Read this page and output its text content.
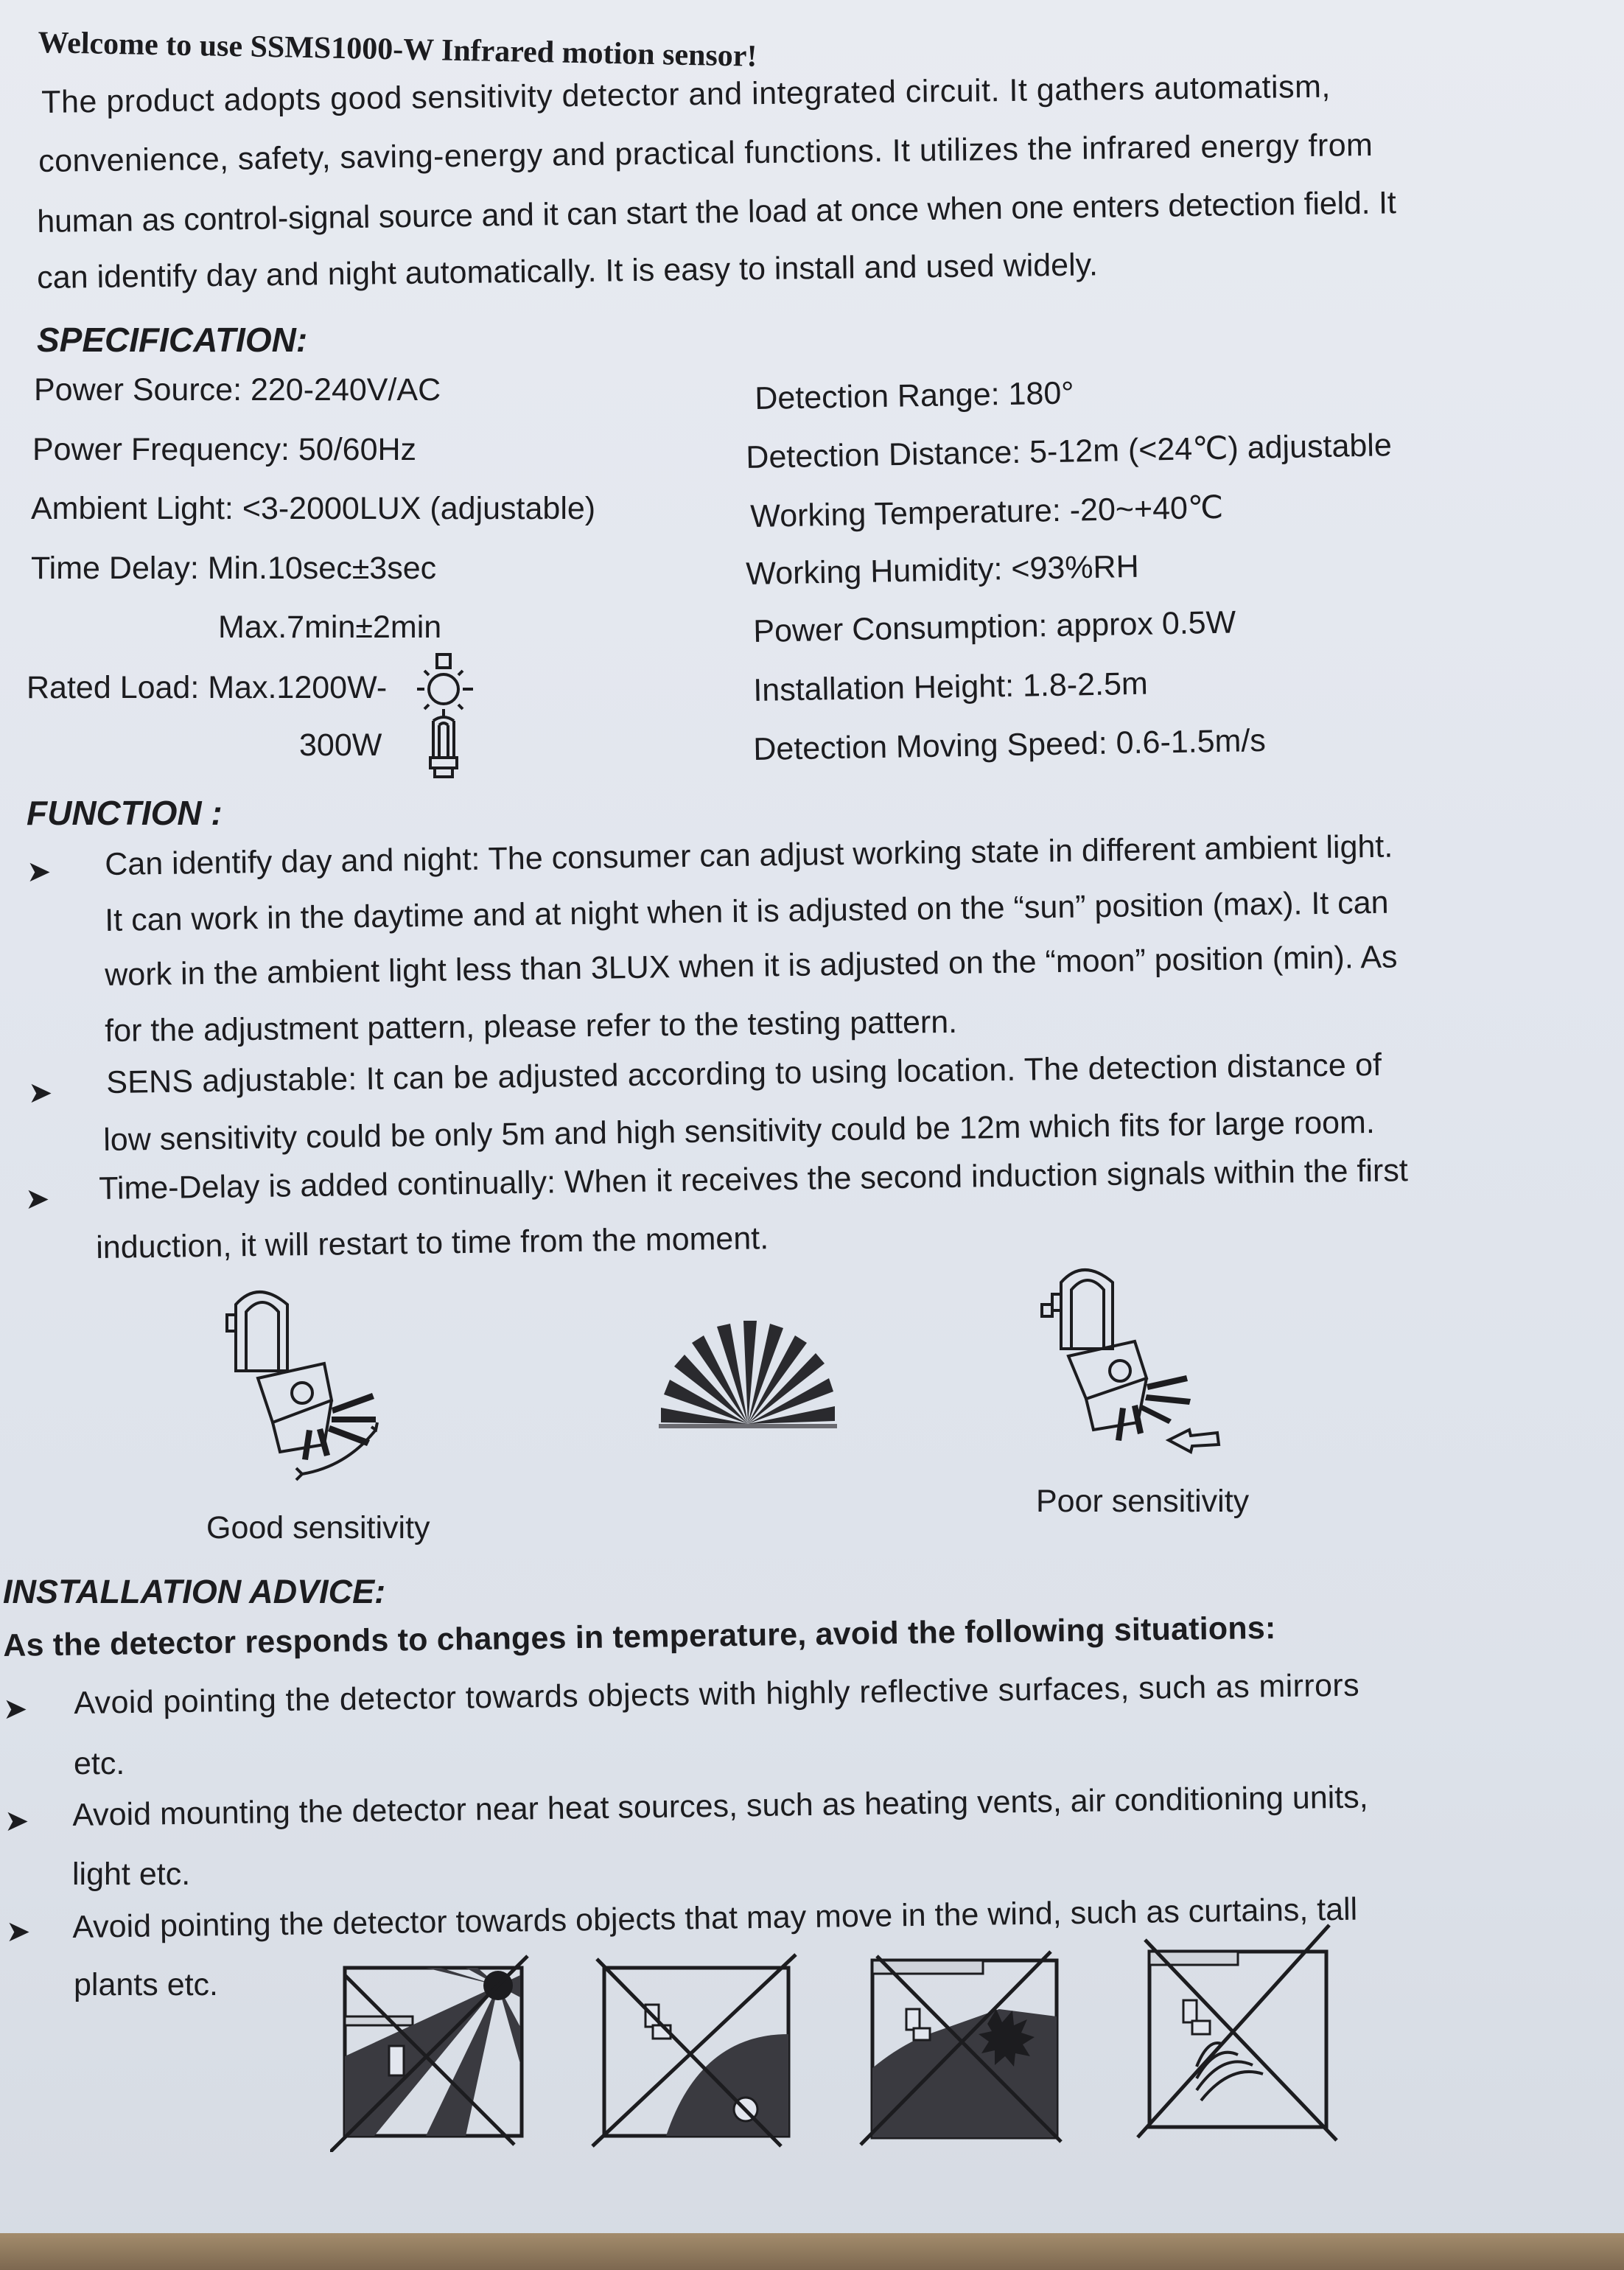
Welcome to use SSMS1000-W Infrared motion sensor!
The product adopts good sensitivity detector and integrated circuit. It gathers automatism,
convenience, safety, saving-energy and practical functions. It utilizes the infrared energy from
human as control-signal source and it can start the load at once when one enters detection field. It
can identify day and night automatically. It is easy to install and used widely.
SPECIFICATION:
Power Source: 220-240V/AC
Power Frequency: 50/60Hz
Ambient Light: <3-2000LUX (adjustable)
Time Delay: Min.10sec±3sec
Max.7min±2min
Rated Load: Max.1200W-
300W
Detection Range: 180°
Detection Distance: 5-12m (<24℃) adjustable
Working Temperature: -20~+40℃
Working Humidity: <93%RH
Power Consumption: approx 0.5W
Installation Height: 1.8-2.5m
Detection Moving Speed: 0.6-1.5m/s
FUNCTION :
➤ Can identify day and night: The consumer can adjust working state in different ambient light.
It can work in the daytime and at night when it is adjusted on the “sun” position (max). It can
work in the ambient light less than 3LUX when it is adjusted on the “moon” position (min). As
for the adjustment pattern, please refer to the testing pattern.
➤ SENS adjustable: It can be adjusted according to using location. The detection distance of
low sensitivity could be only 5m and high sensitivity could be 12m which fits for large room.
➤ Time-Delay is added continually: When it receives the second induction signals within the first
induction, it will restart to time from the moment.
Good sensitivity
Poor sensitivity
INSTALLATION ADVICE:
As the detector responds to changes in temperature, avoid the following situations:
➤ Avoid pointing the detector towards objects with highly reflective surfaces, such as mirrors
etc.
➤ Avoid mounting the detector near heat sources, such as heating vents, air conditioning units,
light etc.
➤ Avoid pointing the detector towards objects that may move in the wind, such as curtains, tall
plants etc.
